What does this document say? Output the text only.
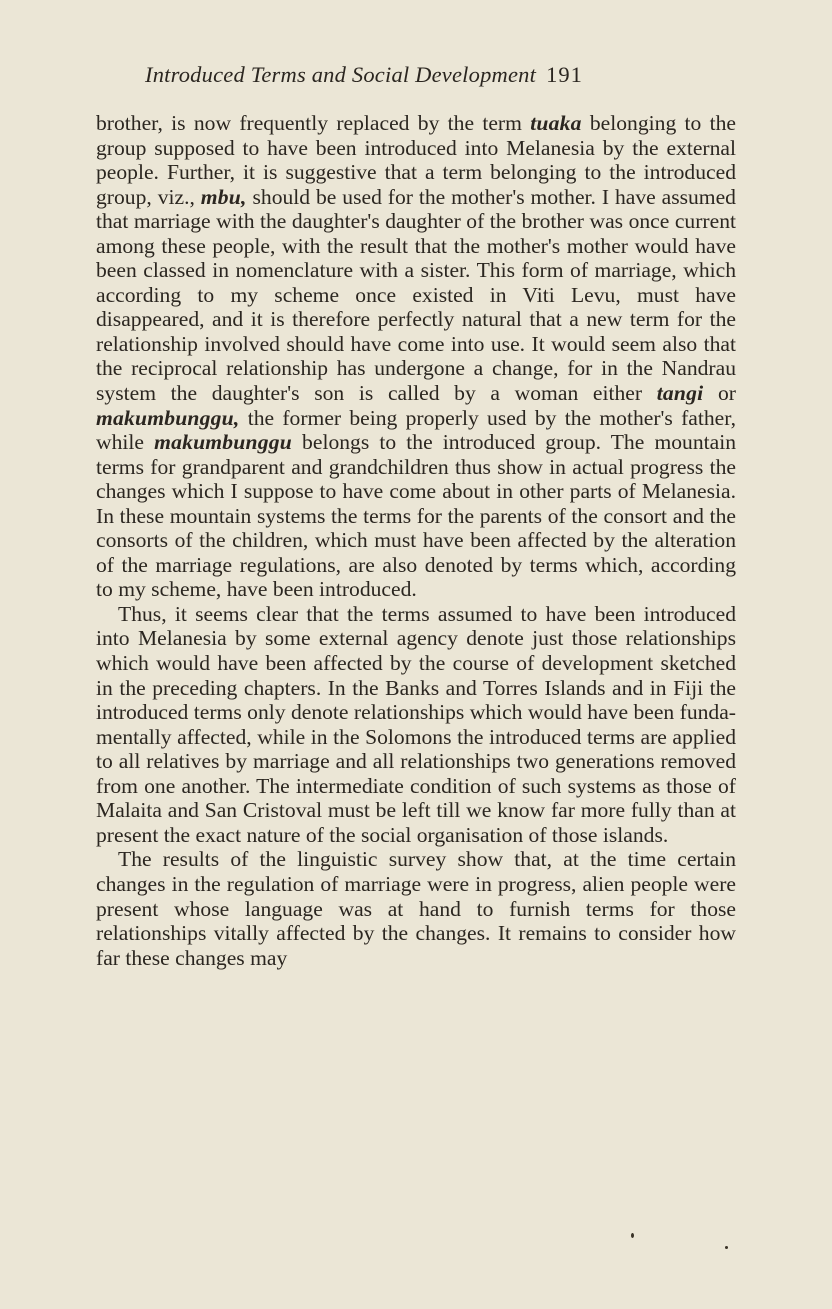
Introduced Terms and Social Development 191

brother, is now frequently replaced by the term tuaka belonging to the group supposed to have been introduced into Melanesia by the external people. Further, it is suggestive that a term belonging to the introduced group, viz., mbu, should be used for the mother's mother. I have assumed that marriage with the daughter's daughter of the brother was once current among these people, with the result that the mother's mother would have been classed in nomenclature with a sister. This form of marriage, which according to my scheme once existed in Viti Levu, must have disappeared, and it is therefore perfectly natural that a new term for the relationship involved should have come into use. It would seem also that the reciprocal relationship has undergone a change, for in the Nandrau system the daughter's son is called by a woman either tangi or makumbunggu, the former being properly used by the mother's father, while makumbunggu belongs to the introduced group. The mountain terms for grandparent and grandchildren thus show in actual progress the changes which I suppose to have come about in other parts of Melanesia. In these mountain systems the terms for the parents of the consort and the consorts of the children, which must have been affected by the alteration of the marriage regulations, are also denoted by terms which, according to my scheme, have been introduced.

Thus, it seems clear that the terms assumed to have been introduced into Melanesia by some external agency denote just those relationships which would have been affected by the course of development sketched in the preceding chapters. In the Banks and Torres Islands and in Fiji the introduced terms only denote relationships which would have been fundamentally affected, while in the Solomons the introduced terms are applied to all relatives by marriage and all relationships two generations removed from one another. The intermediate condition of such systems as those of Malaita and San Cristoval must be left till we know far more fully than at present the exact nature of the social organisation of those islands.

The results of the linguistic survey show that, at the time certain changes in the regulation of marriage were in progress, alien people were present whose language was at hand to furnish terms for those relationships vitally affected by the changes. It remains to consider how far these changes may
